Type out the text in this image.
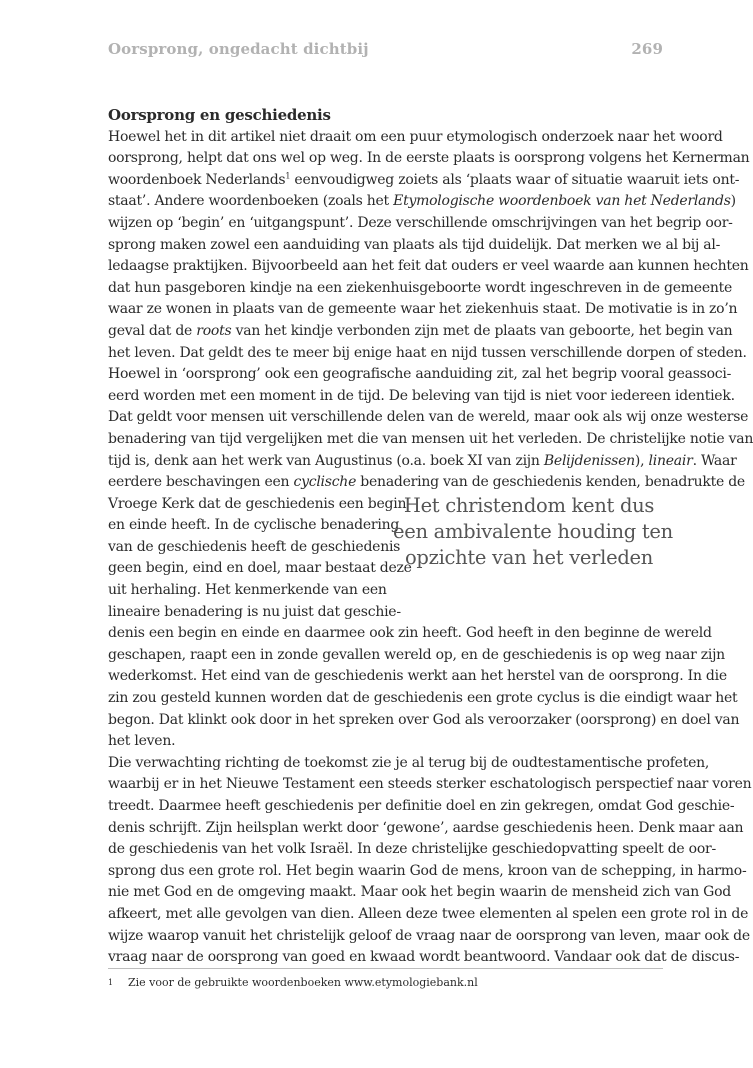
Oorsprong, ongedacht dichtbij	269
Oorsprong en geschiedenis
Hoewel het in dit artikel niet draait om een puur etymologisch onderzoek naar het woord
oorsprong, helpt dat ons wel op weg. In de eerste plaats is oorsprong volgens het Kernerman
woordenboek Nederlands$^1$ eenvoudigweg zoiets als ‘plaats waar of situatie waaruit iets ont-
staat’. Andere woordenboeken (zoals het Etymologische woordenboek van het Nederlands)
wijzen op ‘begin’ en ‘uitgangspunt’. Deze verschillende omschrijvingen van het begrip oor-
sprong maken zowel een aanduiding van plaats als tijd duidelijk. Dat merken we al bij al-
ledaagse praktijken. Bijvoorbeeld aan het feit dat ouders er veel waarde aan kunnen hechten
dat hun pasgeboren kindje na een ziekenhuisgeboorte wordt ingeschreven in de gemeente
waar ze wonen in plaats van de gemeente waar het ziekenhuis staat. De motivatie is in zo’n
geval dat de roots van het kindje verbonden zijn met de plaats van geboorte, het begin van
het leven. Dat geldt des te meer bij enige haat en nijd tussen verschillende dorpen of steden.
Hoewel in ‘oorsprong’ ook een geografische aanduiding zit, zal het begrip vooral geassoci-
eerd worden met een moment in de tijd. De beleving van tijd is niet voor iedereen identiek.
Dat geldt voor mensen uit verschillende delen van de wereld, maar ook als wij onze westerse
benadering van tijd vergelijken met die van mensen uit het verleden. De christelijke notie van
tijd is, denk aan het werk van Augustinus (o.a. boek XI van zijn Belijdenissen), lineair. Waar
eerdere beschavingen een cyclische benadering van de geschiedenis kenden, benadrukte de
Vroege Kerk dat de geschiedenis een begin
en einde heeft. In de cyclische benadering
van de geschiedenis heeft de geschiedenis
geen begin, eind en doel, maar bestaat deze
uit herhaling. Het kenmerkende van een
lineaire benadering is nu juist dat geschie-
denis een begin en einde en daarmee ook zin heeft. God heeft in den beginne de wereld
geschapen, raapt een in zonde gevallen wereld op, en de geschiedenis is op weg naar zijn
wederkomst. Het eind van de geschiedenis werkt aan het herstel van de oorsprong. In die
zin zou gesteld kunnen worden dat de geschiedenis een grote cyclus is die eindigt waar het
begon. Dat klinkt ook door in het spreken over God als veroorzaker (oorsprong) en doel van
het leven.
Die verwachting richting de toekomst zie je al terug bij de oudtestamentische profeten,
waarbij er in het Nieuwe Testament een steeds sterker eschatologisch perspectief naar voren
treedt. Daarmee heeft geschiedenis per definitie doel en zin gekregen, omdat God geschie-
denis schrijft. Zijn heilsplan werkt door ‘gewone’, aardse geschiedenis heen. Denk maar aan
de geschiedenis van het volk Israël. In deze christelijke geschiedopvatting speelt de oor-
sprong dus een grote rol. Het begin waarin God de mens, kroon van de schepping, in harmo-
nie met God en de omgeving maakt. Maar ook het begin waarin de mensheid zich van God
afkeert, met alle gevolgen van dien. Alleen deze twee elementen al spelen een grote rol in de
wijze waarop vanuit het christelijk geloof de vraag naar de oorsprong van leven, maar ook de
vraag naar de oorsprong van goed en kwaad wordt beantwoord. Vandaar ook dat de discus-
Het christendom kent dus
een ambivalente houding ten
opzichte van het verleden
1 Zie voor de gebruikte woordenboeken www.etymologiebank.nl
